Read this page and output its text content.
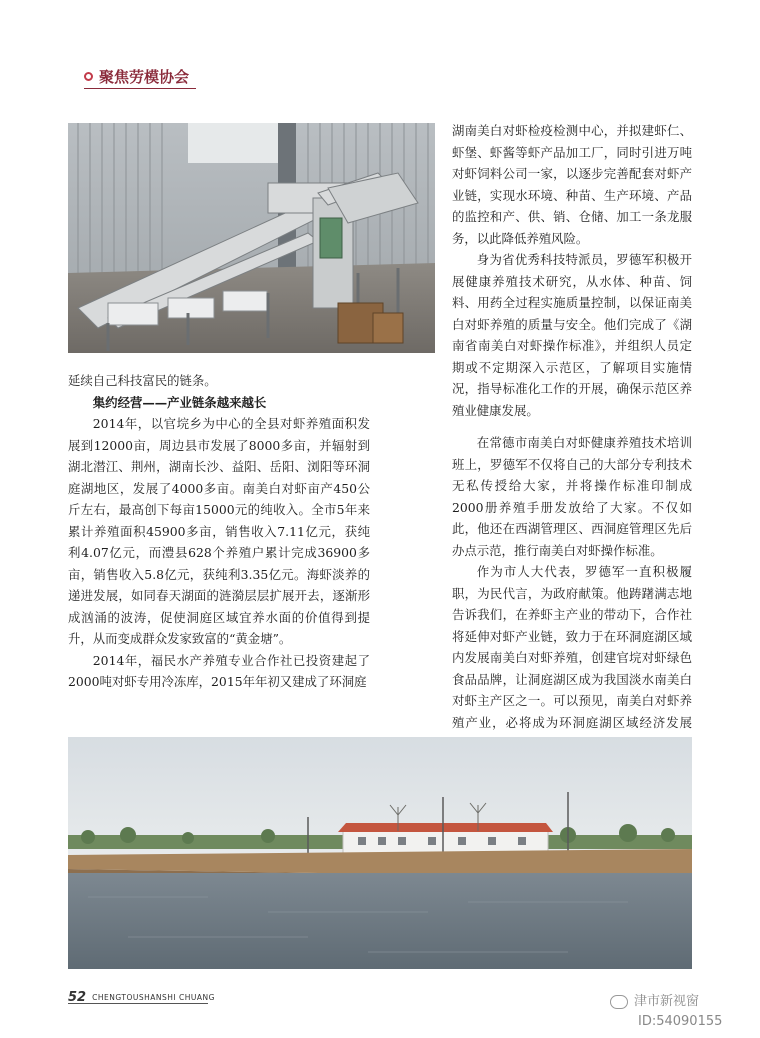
聚焦劳模协会

湖南美白对虾检疫检测中心，并拟建虾仁、虾堡、虾酱等虾产品加工厂，同时引进万吨对虾饲料公司一家，以逐步完善配套对虾产业链，实现水环境、种苗、生产环境、产品的监控和产、供、销、仓储、加工一条龙服务，以此降低养殖风险。

身为省优秀科技特派员，罗德军积极开展健康养殖技术研究，从水体、种苗、饲料、用药全过程实施质量控制，以保证南美白对虾养殖的质量与安全。他们完成了《湖南省南美白对虾操作标准》，并组织人员定期或不定期深入示范区，了解项目实施情况，指导标准化工作的开展，确保示范区养殖业健康发展。

延续自己科技富民的链条。

集约经营——产业链条越来越长

2014年，以官垸乡为中心的全县对虾养殖面积发展到12000亩，周边县市发展了8000多亩，并辐射到湖北潜江、荆州，湖南长沙、益阳、岳阳、浏阳等环洞庭湖地区，发展了4000多亩。南美白对虾亩产450公斤左右，最高创下每亩15000元的纯收入。全市5年来累计养殖面积45900多亩，销售收入7.11亿元，获纯利4.07亿元，而澧县628个养殖户累计完成36900多亩，销售收入5.8亿元，获纯利3.35亿元。海虾淡养的递进发展，如同春天湖面的涟漪层层扩展开去，逐渐形成汹涌的波涛，促使洞庭区域宜养水面的价值得到提升，从而变成群众发家致富的“黄金塘”。

2014年，福民水产养殖专业合作社已投资建起了2000吨对虾专用冷冻库，2015年年初又建成了环洞庭

在常德市南美白对虾健康养殖技术培训班上，罗德军不仅将自己的大部分专利技术无私传授给大家，并将操作标准印制成2000册养殖手册发放给了大家。不仅如此，他还在西湖管理区、西洞庭管理区先后办点示范，推行南美白对虾操作标准。

作为市人大代表，罗德军一直积极履职，为民代言，为政府献策。他踌躇满志地告诉我们，在养虾主产业的带动下，合作社将延伸对虾产业链，致力于在环洞庭湖区域内发展南美白对虾养殖，创建官垸对虾绿色食品品牌，让洞庭湖区成为我国淡水南美白对虾主产区之一。可以预见，南美白对虾养殖产业，必将成为环洞庭湖区域经济发展

52 CHENGTOUSHANSHI CHUANG	津市新视窗
ID:54090155
